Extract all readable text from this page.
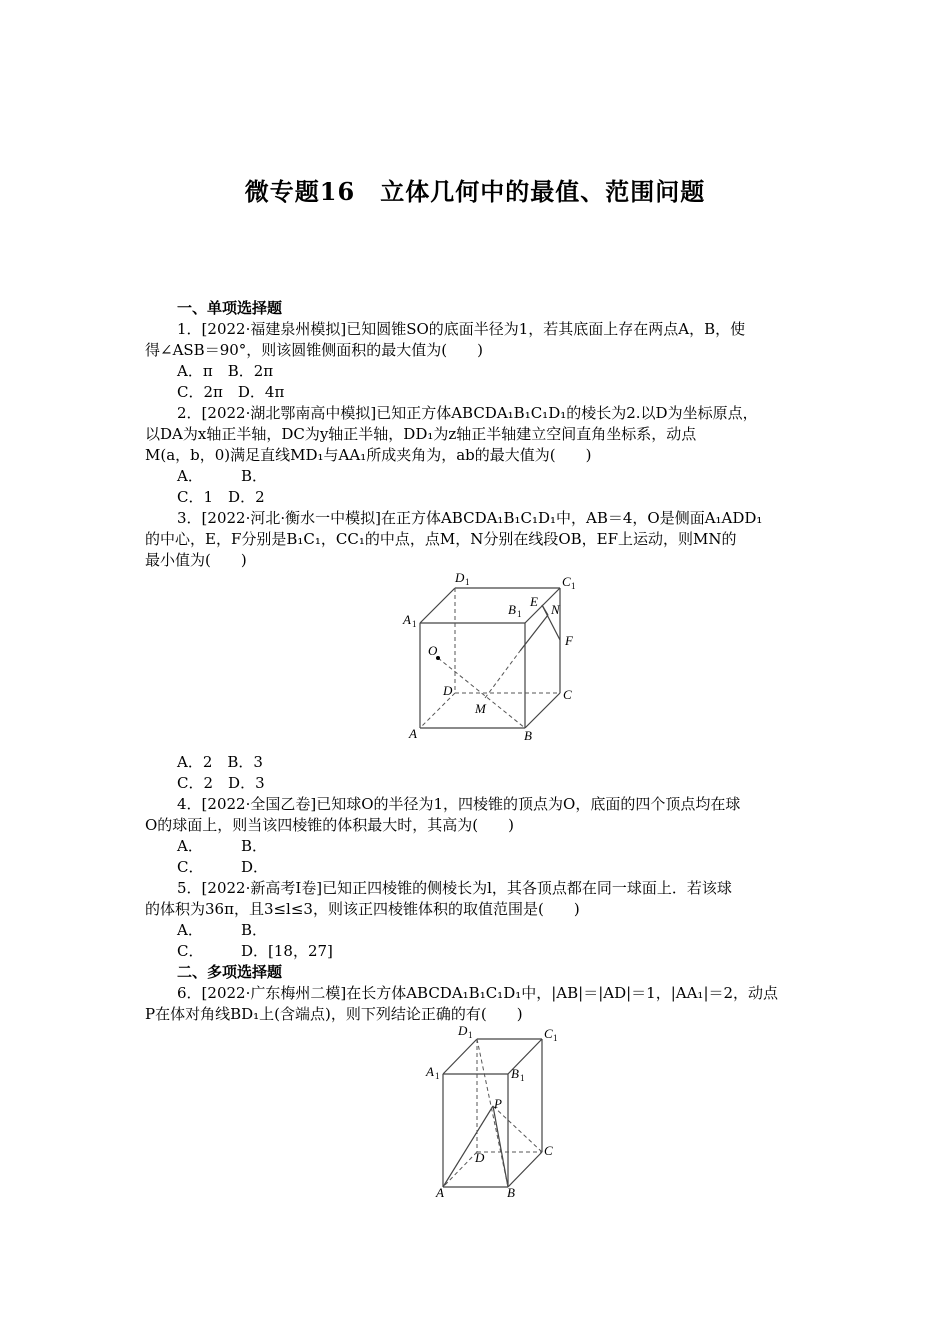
微专题16　立体几何中的最值、范围问题
一、单项选择题
1．[2022·福建泉州模拟]已知圆锥SO的底面半径为1，若其底面上存在两点A，B，使
得∠ASB＝90°，则该圆锥侧面积的最大值为(　　)
A．π　 B．2π
C．2π　 D．4π
2．[2022·湖北鄂南高中模拟]已知正方体ABCDA₁B₁C₁D₁的棱长为2.以D为坐标原点，
以DA为x轴正半轴，DC为y轴正半轴，DD₁为z轴正半轴建立空间直角坐标系，动点
M(a，b，0)满足直线MD₁与AA₁所成夹角为，ab的最大值为(　　)
A．	B．
C．1　 D．2
3．[2022·河北·衡水一中模拟]在正方体ABCDA₁B₁C₁D₁中，AB＝4，O是侧面A₁ADD₁
的中心，E，F分别是B₁C₁，CC₁的中点，点M，N分别在线段OB，EF上运动，则MN的
最小值为(　　)
D 1	C 1
A 1
B 1
E
N
F
O
D	C
M
A	B
A．2　 B．3
C．2　 D．3
4．[2022·全国乙卷]已知球O的半径为1，四棱锥的顶点为O，底面的四个顶点均在球
O的球面上，则当该四棱锥的体积最大时，其高为(　　)
A．	B．
C．	D．
5．[2022·新高考Ⅰ卷]已知正四棱锥的侧棱长为l，其各顶点都在同一球面上．若该球
的体积为36π，且3≤l≤3，则该正四棱锥体积的取值范围是(　　)
A．	B．
C．	D．[18，27]
二、多项选择题
6．[2022·广东梅州二模]在长方体ABCDA₁B₁C₁D₁中，|AB|＝|AD|＝1，|AA₁|＝2，动点
P在体对角线BD₁上(含端点)，则下列结论正确的有(　　)
D 1	C 1
A 1	B 1
P
D	C
A	B
